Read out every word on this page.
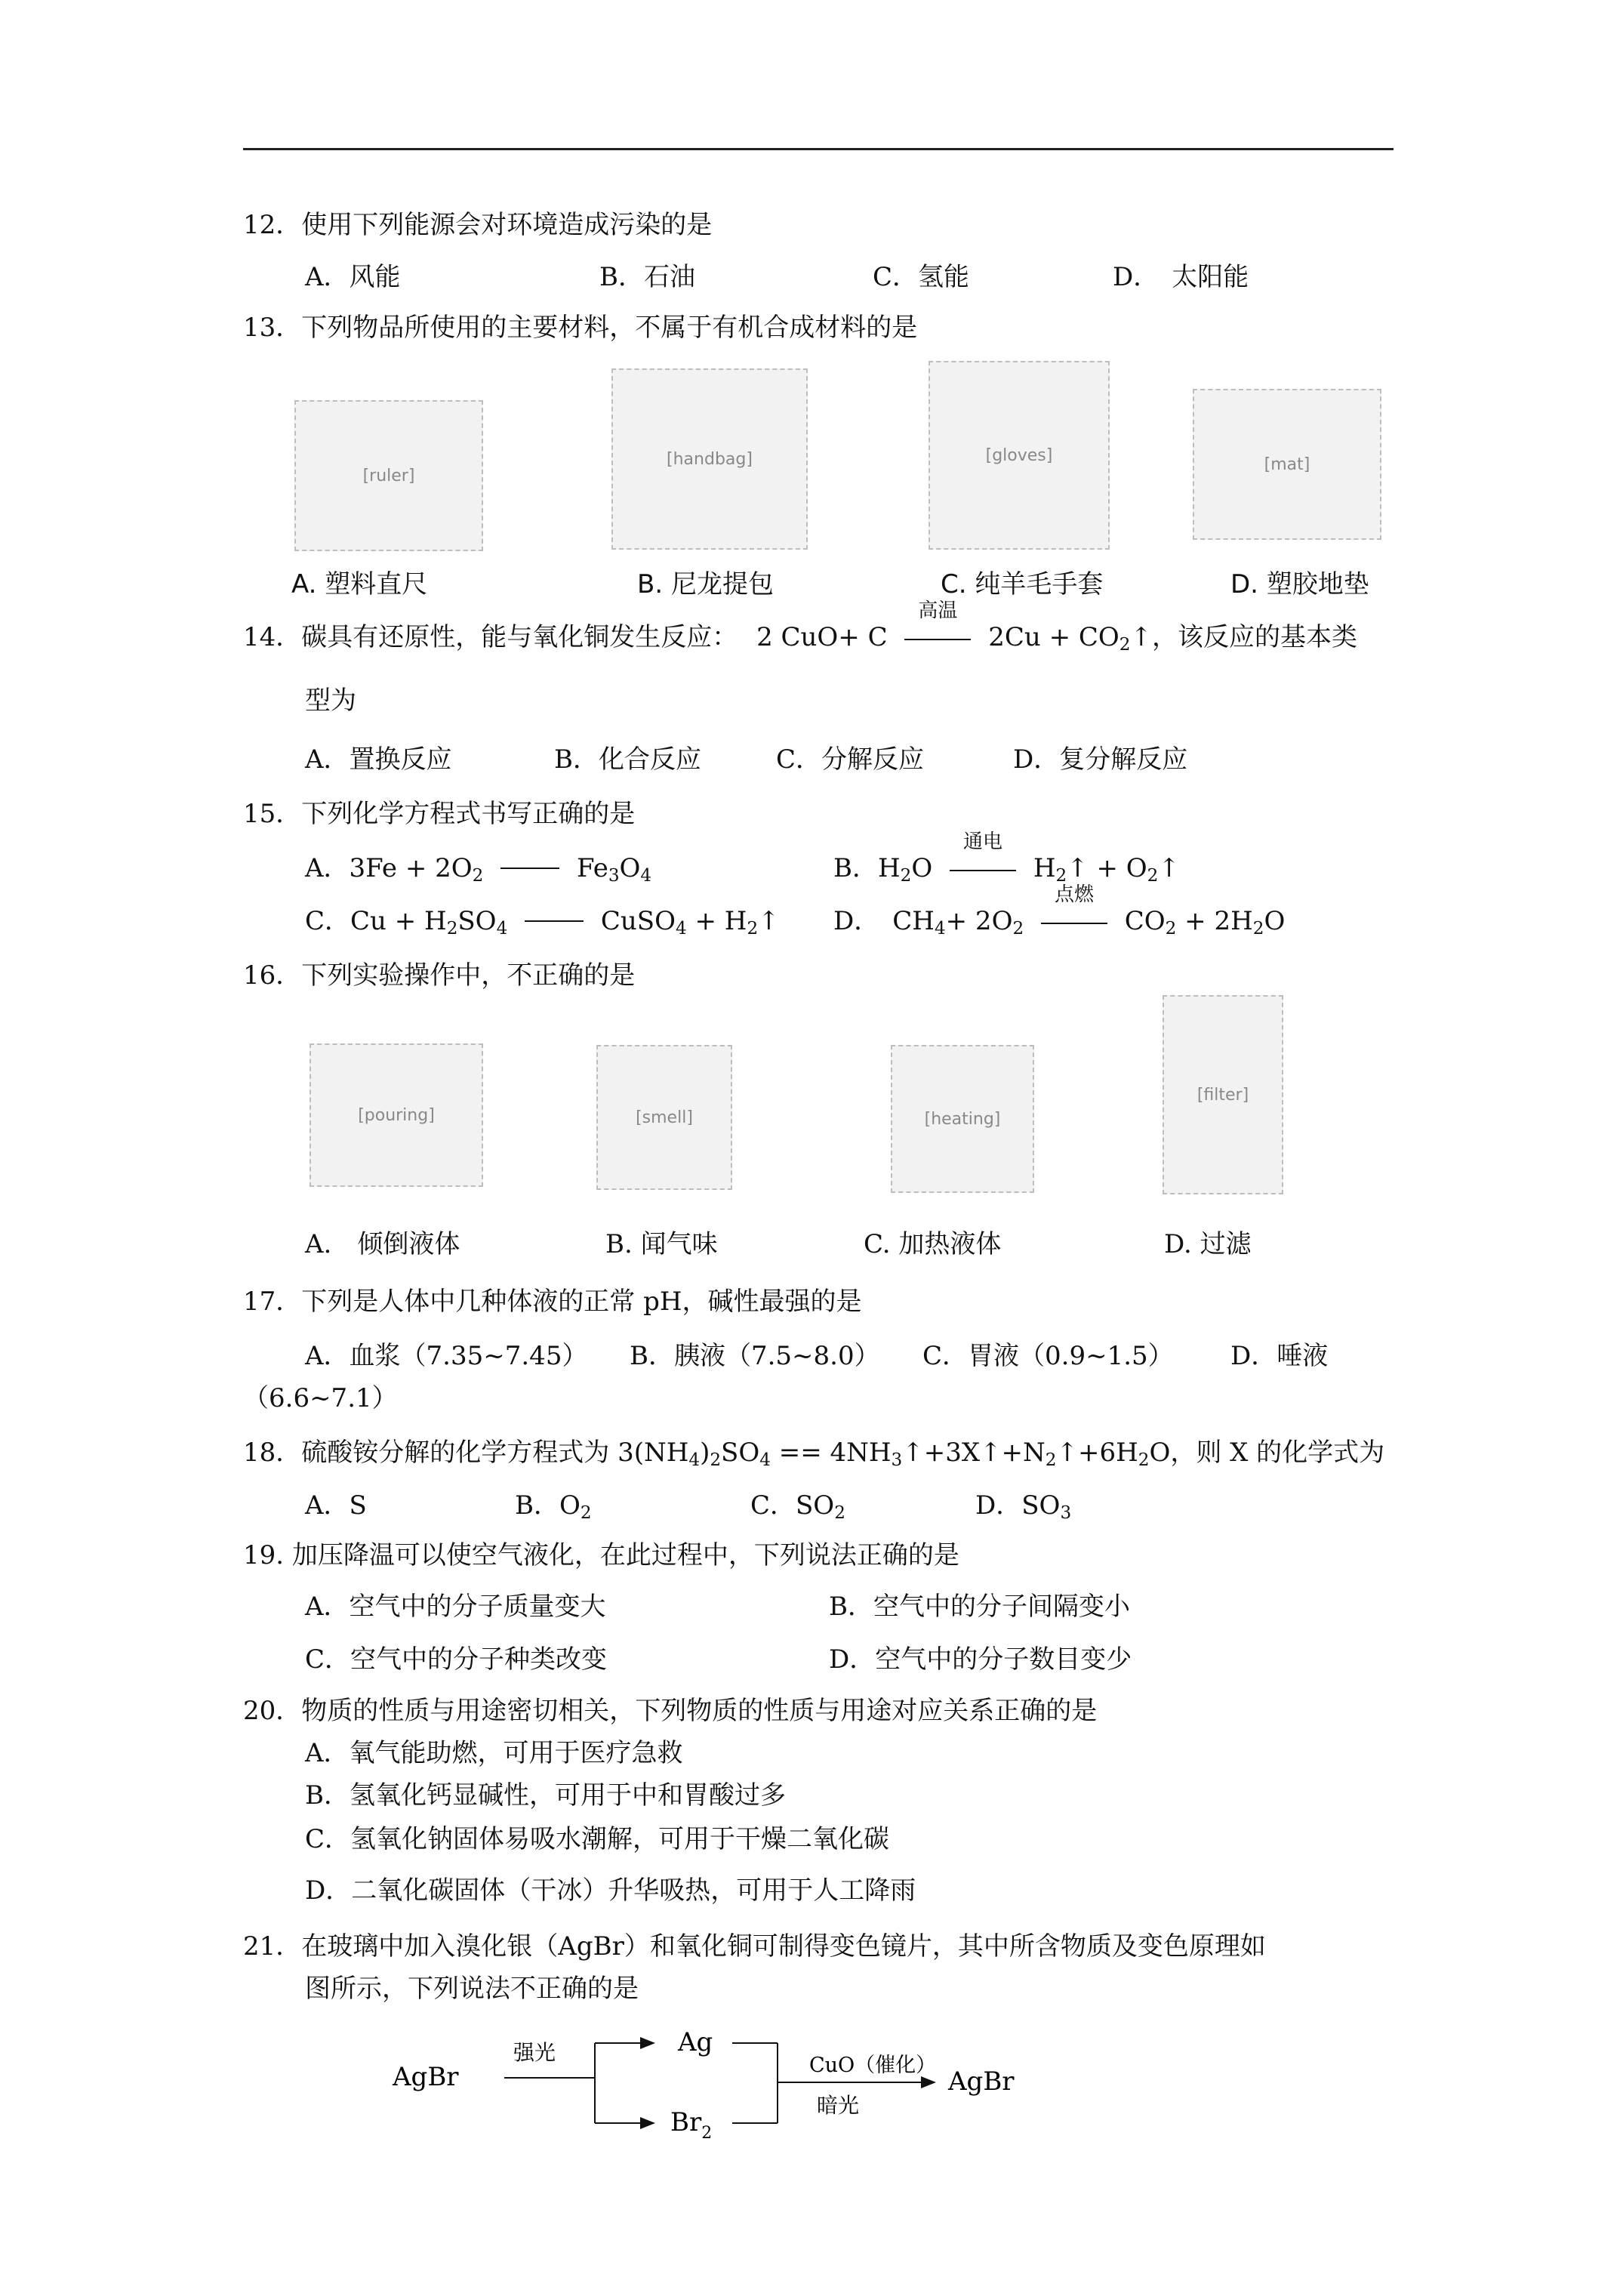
12．使用下列能源会对环境造成污染的是
A．风能	B．石油	C．氢能	D．　太阳能
13．下列物品所使用的主要材料，不属于有机合成材料的是
[ruler]
[handbag]	[gloves]	[mat]
A. 塑料直尺	B. 尼龙提包	C. 纯羊毛手套	D. 塑胶地垫
14．碳具有还原性，能与氧化铜发生反应： 2 CuO+ C
高温
$2Cu + CO_2↑$，该反应的基本类
型为
A．置换反应	B．化合反应	C．分解反应	D．复分解反应
15．下列化学方程式书写正确的是
A．$3Fe + 2O_2$	$Fe_3O_4$	B．$H_2O$
通电
$H_2↑$ + $O_2↑$
C．$Cu + H_2SO_4$	CuSO$_4$ + $H_2↑$ D．　$CH_4+ 2O_2$
点燃
$CO_2 + 2H_2O$
16．下列实验操作中，不正确的是
[pouring]	[smell]	[heating]
[filter]
A.　倾倒液体	B. 闻气味	C. 加热液体	D. 过滤
17．下列是人体中几种体液的正常 pH，碱性最强的是
A．血浆（7.35~7.45） B．胰液（7.5~8.0） C．胃液（0.9~1.5） D．唾液
（6.6~7.1）
18．硫酸铵分解的化学方程式为 $3(NH_4)_2SO_4$ == $4NH_3↑+3X↑+N_2↑+6H_2O$，则 X 的化学式为
A．S	B．$O_2$	C．$SO_2$	D．$SO_3$
19. 加压降温可以使空气液化，在此过程中，下列说法正确的是
A．空气中的分子质量变大	B．空气中的分子间隔变小
C．空气中的分子种类改变	D．空气中的分子数目变少
20．物质的性质与用途密切相关，下列物质的性质与用途对应关系正确的是
A．氧气能助燃，可用于医疗急救
B．氢氧化钙显碱性，可用于中和胃酸过多
C．氢氧化钠固体易吸水潮解，可用于干燥二氧化碳
D．二氧化碳固体（干冰）升华吸热，可用于人工降雨
21．在玻璃中加入溴化银（AgBr）和氧化铜可制得变色镜片，其中所含物质及变色原理如
图所示，下列说法不正确的是
AgBr
强光	Ag
$Br_2$
CuO（催化）
暗光
AgBr
